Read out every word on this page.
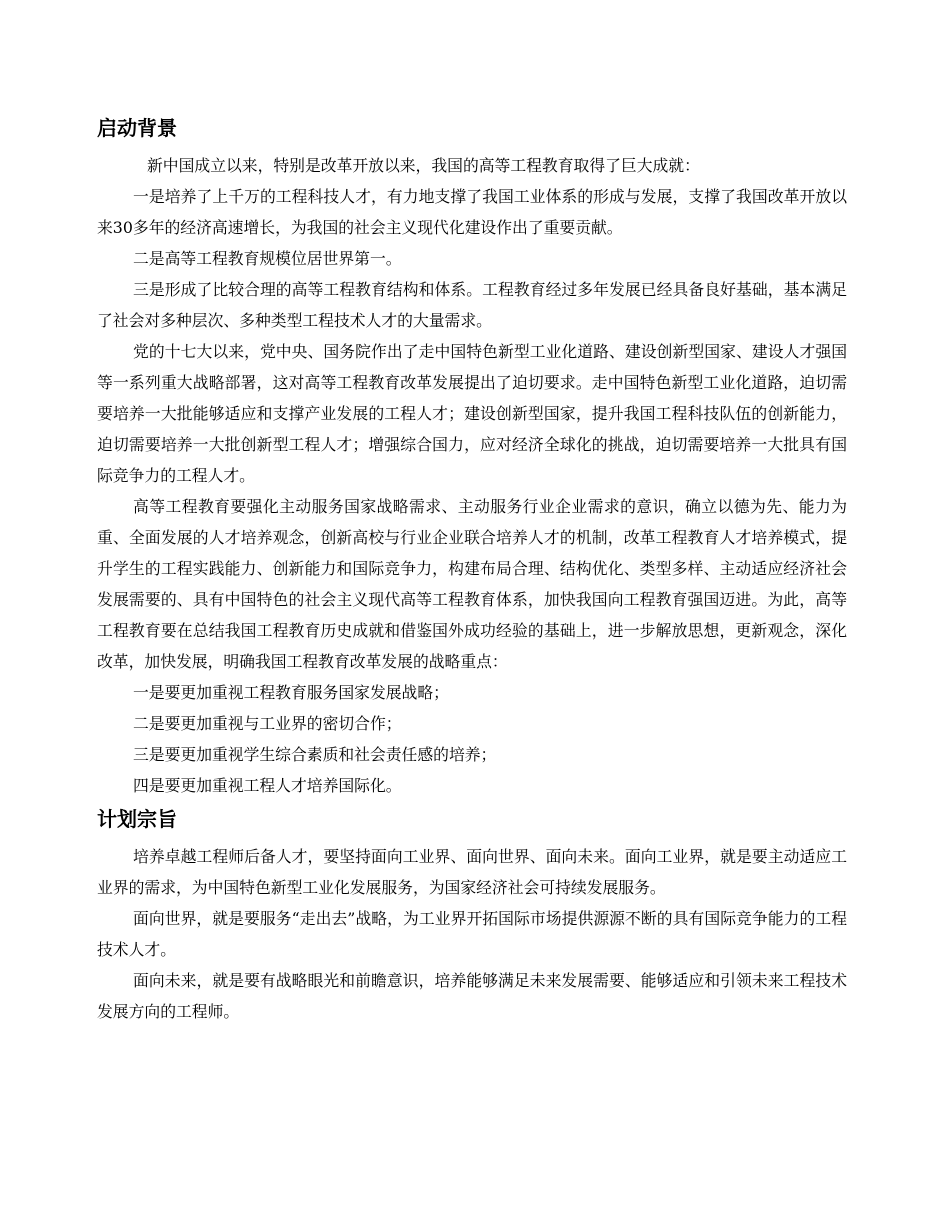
启动背景

新中国成立以来，特别是改革开放以来，我国的高等工程教育取得了巨大成就：

一是培养了上千万的工程科技人才，有力地支撑了我国工业体系的形成与发展，支撑了我国改革开放以来30多年的经济高速增长，为我国的社会主义现代化建设作出了重要贡献。

二是高等工程教育规模位居世界第一。

三是形成了比较合理的高等工程教育结构和体系。工程教育经过多年发展已经具备良好基础，基本满足了社会对多种层次、多种类型工程技术人才的大量需求。

党的十七大以来，党中央、国务院作出了走中国特色新型工业化道路、建设创新型国家、建设人才强国等一系列重大战略部署，这对高等工程教育改革发展提出了迫切要求。走中国特色新型工业化道路，迫切需要培养一大批能够适应和支撑产业发展的工程人才；建设创新型国家，提升我国工程科技队伍的创新能力，迫切需要培养一大批创新型工程人才；增强综合国力，应对经济全球化的挑战，迫切需要培养一大批具有国际竞争力的工程人才。

高等工程教育要强化主动服务国家战略需求、主动服务行业企业需求的意识，确立以德为先、能力为重、全面发展的人才培养观念，创新高校与行业企业联合培养人才的机制，改革工程教育人才培养模式，提升学生的工程实践能力、创新能力和国际竞争力，构建布局合理、结构优化、类型多样、主动适应经济社会发展需要的、具有中国特色的社会主义现代高等工程教育体系，加快我国向工程教育强国迈进。为此，高等工程教育要在总结我国工程教育历史成就和借鉴国外成功经验的基础上，进一步解放思想，更新观念，深化改革，加快发展，明确我国工程教育改革发展的战略重点：

一是要更加重视工程教育服务国家发展战略；

二是要更加重视与工业界的密切合作；

三是要更加重视学生综合素质和社会责任感的培养；

四是要更加重视工程人才培养国际化。

计划宗旨

培养卓越工程师后备人才，要坚持面向工业界、面向世界、面向未来。面向工业界，就是要主动适应工业界的需求，为中国特色新型工业化发展服务，为国家经济社会可持续发展服务。

面向世界，就是要服务“走出去”战略，为工业界开拓国际市场提供源源不断的具有国际竞争能力的工程技术人才。

面向未来，就是要有战略眼光和前瞻意识，培养能够满足未来发展需要、能够适应和引领未来工程技术发展方向的工程师。
